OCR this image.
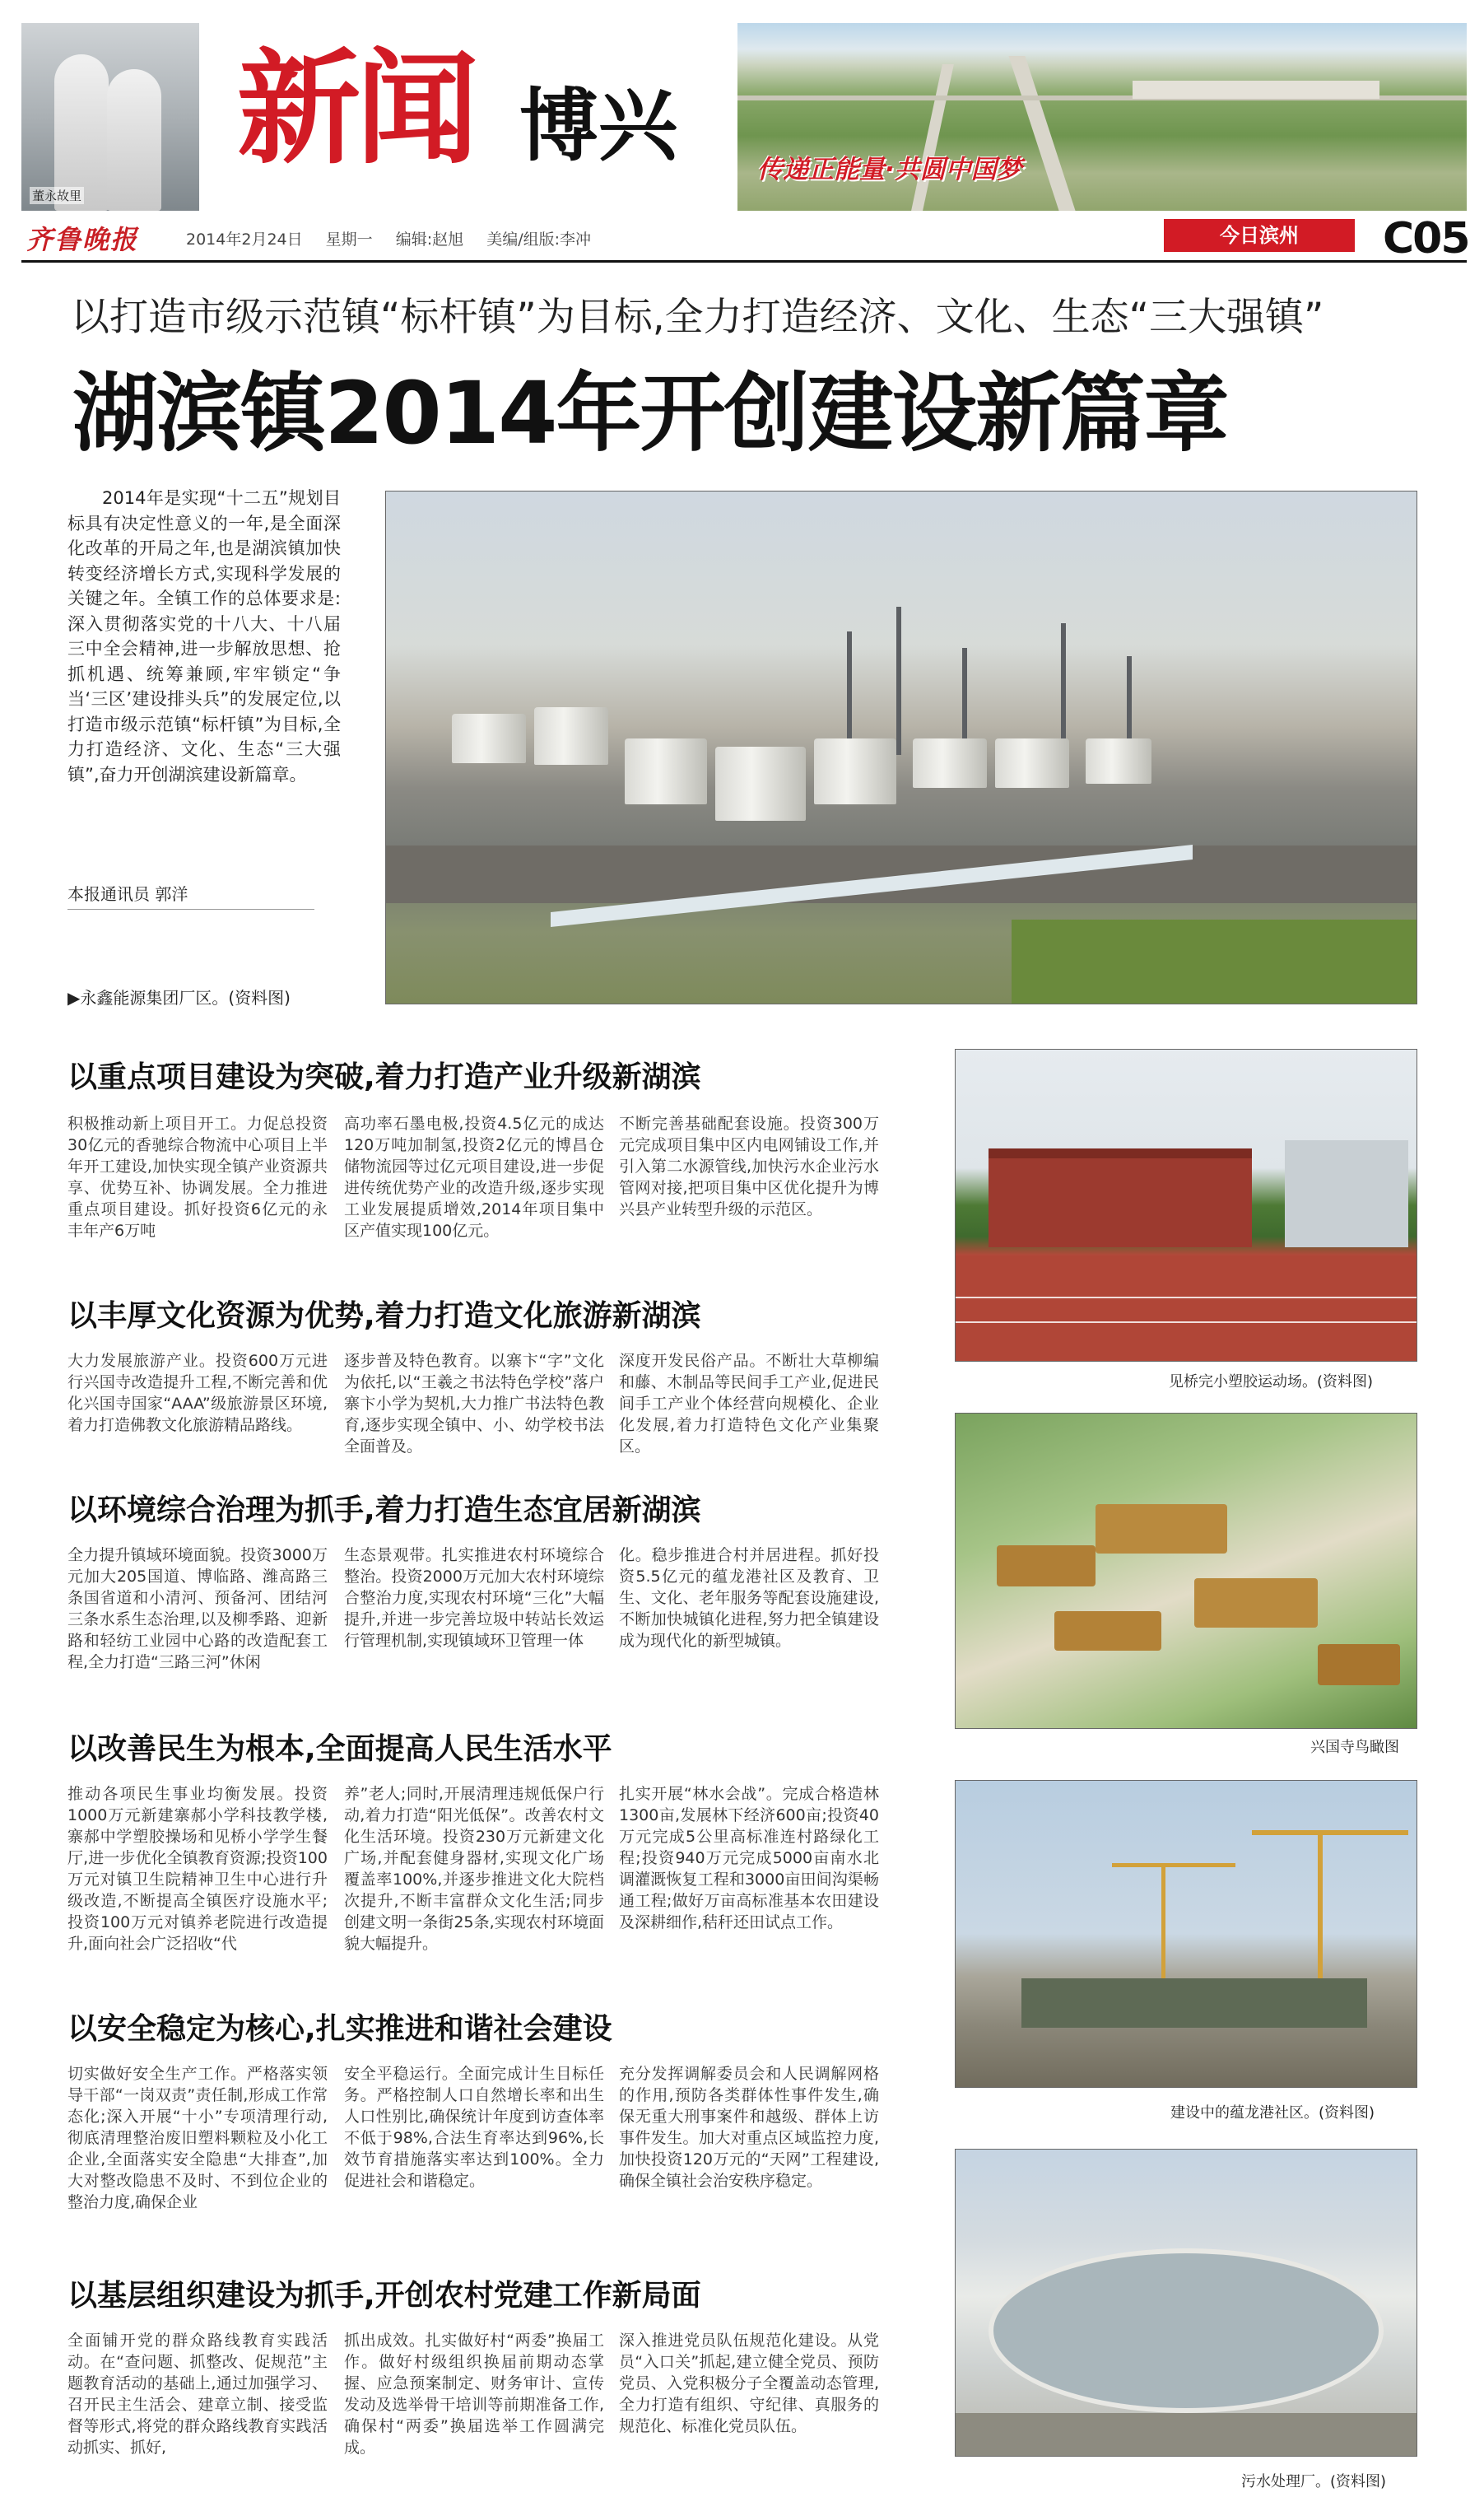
董永故里
新闻 博兴	传递正能量·共圆中国梦
齐鲁晚报	2014年2月24日 星期一 编辑:赵旭 美编/组版:李冲	今日滨州	C05
以打造市级示范镇“标杆镇”为目标,全力打造经济、文化、生态“三大强镇”
湖滨镇2014年开创建设新篇章
2014年是实现“十二五”规划目标具有决定性意义的一年,是全面深化改革的开局之年,也是湖滨镇加快转变经济增长方式,实现科学发展的关键之年。全镇工作的总体要求是:深入贯彻落实党的十八大、十八届三中全会精神,进一步解放思想、抢抓机遇、统筹兼顾,牢牢锁定“争当‘三区’建设排头兵”的发展定位,以打造市级示范镇“标杆镇”为目标,全力打造经济、文化、生态“三大强镇”,奋力开创湖滨建设新篇章。
本报通讯员 郭洋
▶永鑫能源集团厂区。(资料图)
见桥完小塑胶运动场。(资料图)
兴国寺鸟瞰图
建设中的蕴龙港社区。(资料图)
污水处理厂。(资料图)
以重点项目建设为突破,着力打造产业升级新湖滨
积极推动新上项目开工。力促总投资30亿元的香驰综合物流中心项目上半年开工建设,加快实现全镇产业资源共享、优势互补、协调发展。全力推进重点项目建设。抓好投资6亿元的永丰年产6万吨
高功率石墨电极,投资4.5亿元的成达120万吨加制氢,投资2亿元的博昌仓储物流园等过亿元项目建设,进一步促进传统优势产业的改造升级,逐步实现工业发展提质增效,2014年项目集中区产值实现100亿元。
不断完善基础配套设施。投资300万元完成项目集中区内电网铺设工作,并引入第二水源管线,加快污水企业污水管网对接,把项目集中区优化提升为博兴县产业转型升级的示范区。
以丰厚文化资源为优势,着力打造文化旅游新湖滨
大力发展旅游产业。投资600万元进行兴国寺改造提升工程,不断完善和优化兴国寺国家“AAA”级旅游景区环境,着力打造佛教文化旅游精品路线。
逐步普及特色教育。以寨卞“字”文化为依托,以“王羲之书法特色学校”落户寨卞小学为契机,大力推广书法特色教育,逐步实现全镇中、小、幼学校书法全面普及。
深度开发民俗产品。不断壮大草柳编和藤、木制品等民间手工产业,促进民间手工产业个体经营向规模化、企业化发展,着力打造特色文化产业集聚区。
以环境综合治理为抓手,着力打造生态宜居新湖滨
全力提升镇域环境面貌。投资3000万元加大205国道、博临路、潍高路三条国省道和小清河、预备河、团结河三条水系生态治理,以及柳季路、迎新路和轻纺工业园中心路的改造配套工程,全力打造“三路三河”休闲
生态景观带。扎实推进农村环境综合整治。投资2000万元加大农村环境综合整治力度,实现农村环境“三化”大幅提升,并进一步完善垃圾中转站长效运行管理机制,实现镇域环卫管理一体
化。稳步推进合村并居进程。抓好投资5.5亿元的蕴龙港社区及教育、卫生、文化、老年服务等配套设施建设,不断加快城镇化进程,努力把全镇建设成为现代化的新型城镇。
以改善民生为根本,全面提高人民生活水平
推动各项民生事业均衡发展。投资1000万元新建寨郝小学科技教学楼,寨郝中学塑胶操场和见桥小学学生餐厅,进一步优化全镇教育资源;投资100万元对镇卫生院精神卫生中心进行升级改造,不断提高全镇医疗设施水平;投资100万元对镇养老院进行改造提升,面向社会广泛招收“代
养”老人;同时,开展清理违规低保户行动,着力打造“阳光低保”。改善农村文化生活环境。投资230万元新建文化广场,并配套健身器材,实现文化广场覆盖率100%,并逐步推进文化大院档次提升,不断丰富群众文化生活;同步创建文明一条街25条,实现农村环境面貌大幅提升。
扎实开展“林水会战”。完成合格造林1300亩,发展林下经济600亩;投资40万元完成5公里高标准连村路绿化工程;投资940万元完成5000亩南水北调灌溉恢复工程和3000亩田间沟渠畅通工程;做好万亩高标准基本农田建设及深耕细作,秸秆还田试点工作。
以安全稳定为核心,扎实推进和谐社会建设
切实做好安全生产工作。严格落实领导干部“一岗双责”责任制,形成工作常态化;深入开展“十小”专项清理行动,彻底清理整治废旧塑料颗粒及小化工企业,全面落实安全隐患“大排查”,加大对整改隐患不及时、不到位企业的整治力度,确保企业
安全平稳运行。全面完成计生目标任务。严格控制人口自然增长率和出生人口性别比,确保统计年度到访查体率不低于98%,合法生育率达到96%,长效节育措施落实率达到100%。全力促进社会和谐稳定。
充分发挥调解委员会和人民调解网格的作用,预防各类群体性事件发生,确保无重大刑事案件和越级、群体上访事件发生。加大对重点区域监控力度,加快投资120万元的“天网”工程建设,确保全镇社会治安秩序稳定。
以基层组织建设为抓手,开创农村党建工作新局面
全面铺开党的群众路线教育实践活动。在“查问题、抓整改、促规范”主题教育活动的基础上,通过加强学习、召开民主生活会、建章立制、接受监督等形式,将党的群众路线教育实践活动抓实、抓好,
抓出成效。扎实做好村“两委”换届工作。做好村级组织换届前期动态掌握、应急预案制定、财务审计、宣传发动及选举骨干培训等前期准备工作,确保村“两委”换届选举工作圆满完成。
深入推进党员队伍规范化建设。从党员“入口关”抓起,建立健全党员、预防党员、入党积极分子全覆盖动态管理,全力打造有组织、守纪律、真服务的规范化、标准化党员队伍。
